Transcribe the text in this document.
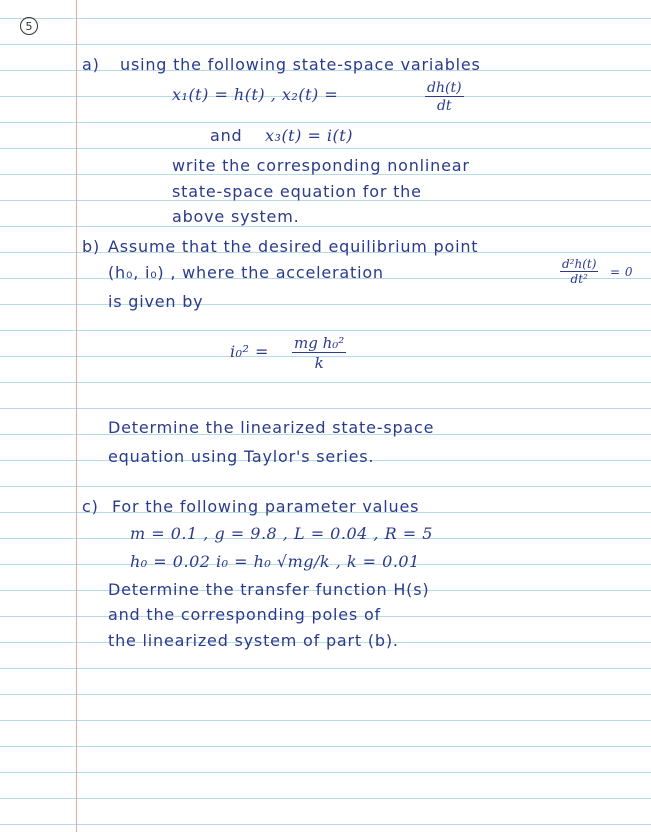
5
a) using the following state-space variables
x₁(t) = h(t) , x₂(t) =	$\frac{dh(t)}{dt}$
and x₃(t) = i(t)
write the corresponding nonlinear
state-space equation for the
above system.
b) Assume that the desired equilibrium point
(h₀, i₀) , where the acceleration	$\frac{\text{d²h(t)}}{\text{dt²}} = 0$
is given by
$i_0^2 = \frac{\text{mg h₀²}}{k}$
Determine the linearized state-space
equation using Taylor's series.
c) For the following parameter values
m = 0.1 , g = 9.8 , L = 0.04 , R = 5
h₀ = 0.02 i₀ = h₀ √mg/k , k = 0.01
Determine the transfer function H(s)
and the corresponding poles of
the linearized system of part (b).
